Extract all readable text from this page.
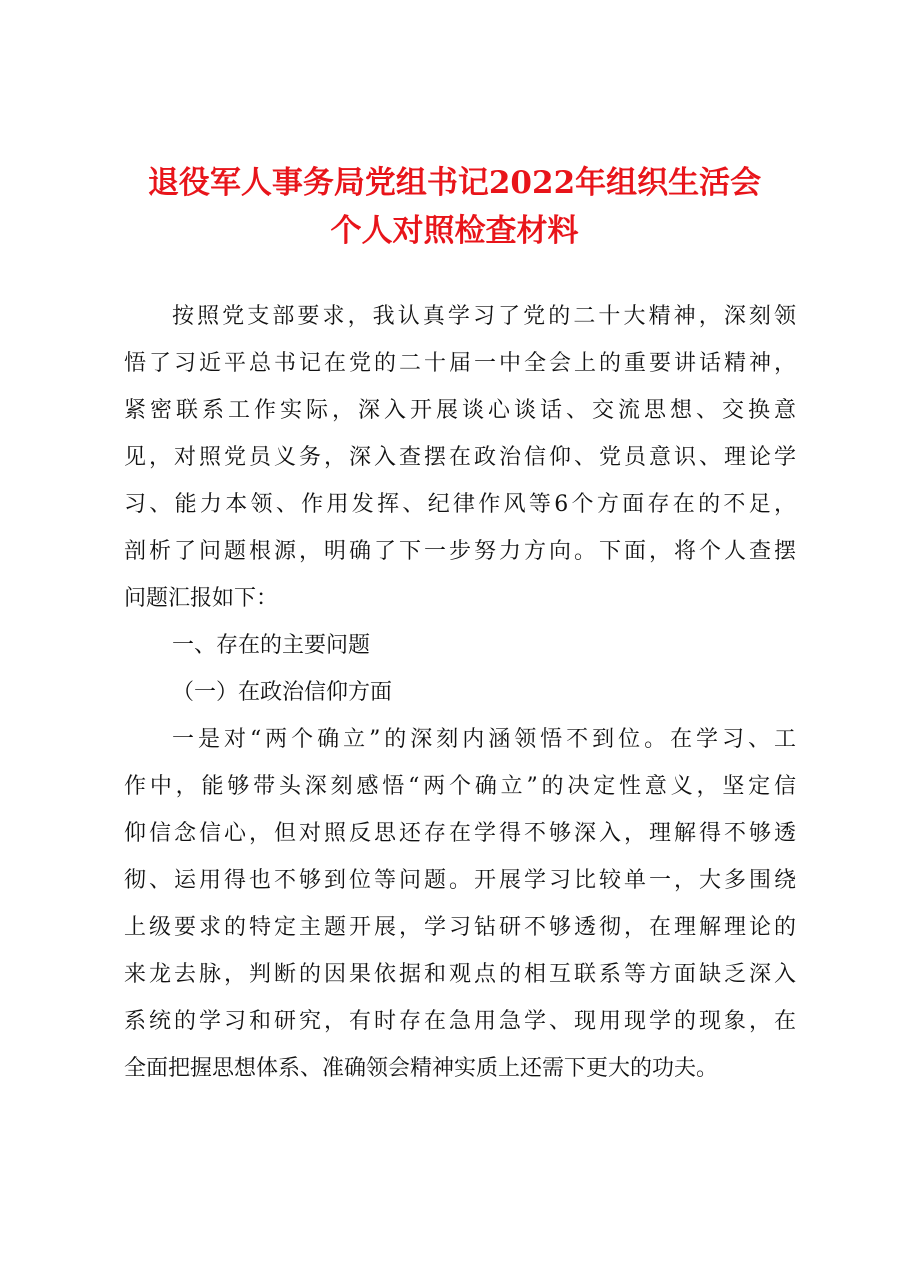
退役军人事务局党组书记2022年组织生活会
个人对照检查材料
按照党支部要求，我认真学习了党的二十大精神，深刻领
悟了习近平总书记在党的二十届一中全会上的重要讲话精神，
紧密联系工作实际，深入开展谈心谈话、交流思想、交换意
见，对照党员义务，深入查摆在政治信仰、党员意识、理论学
习、能力本领、作用发挥、纪律作风等6个方面存在的不足，
剖析了问题根源，明确了下一步努力方向。下面，将个人查摆
问题汇报如下：
一、存在的主要问题
（一）在政治信仰方面
一是对“两个确立”的深刻内涵领悟不到位。在学习、工
作中，能够带头深刻感悟“两个确立”的决定性意义，坚定信
仰信念信心，但对照反思还存在学得不够深入，理解得不够透
彻、运用得也不够到位等问题。开展学习比较单一，大多围绕
上级要求的特定主题开展，学习钻研不够透彻，在理解理论的
来龙去脉，判断的因果依据和观点的相互联系等方面缺乏深入
系统的学习和研究，有时存在急用急学、现用现学的现象，在
全面把握思想体系、准确领会精神实质上还需下更大的功夫。
